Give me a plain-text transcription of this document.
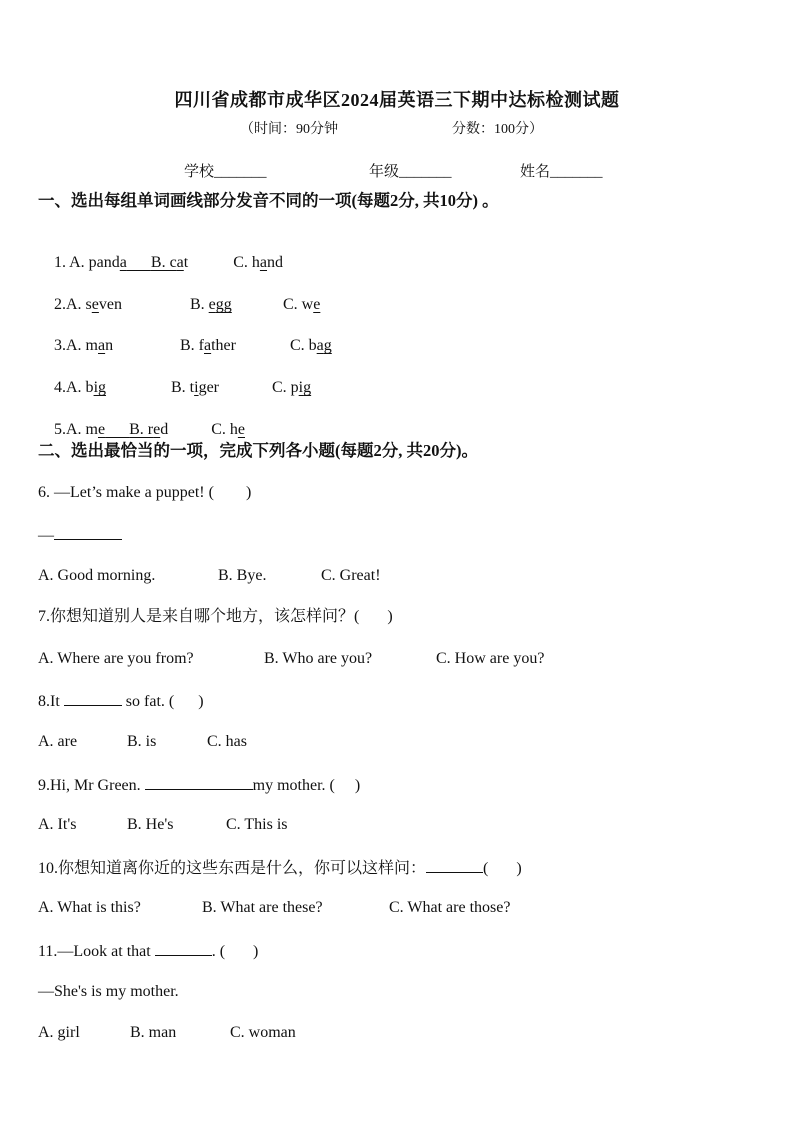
四川省成都市成华区2024届英语三下期中达标检测试题
（时间：90分钟	分数：100分）
学校_______	年级_______	姓名_______
一、选出每组单词画线部分发音不同的一项(每题2分, 共10分) 。

1. A. panda B. cat	C. hand

2.A. seven	B. egg	C. we

3.A. man	B. father	C. bag

4.A. big	B. tiger	C. pig

5.A. me B. red	C. he

二、选出最恰当的一项，完成下列各小题(每题2分, 共20分)。
6. —Let’s make a puppet! (        )
—
A. Good morning.	B. Bye.	C. Great!
7.你想知道别人是来自哪个地方，该怎样问？(       )
A. Where are you from?	B. Who are you?	C. How are you?
8.It	so fat. (      )
A. are	B. is	C. has
9.Hi, Mr Green.	my mother. (     )
A. It's	B. He's	C. This is
10.你想知道离你近的这些东西是什么，你可以这样问：	(       )
A. What is this?	B. What are these?	C. What are those?
11.—Look at that	. (       )
—She's is my mother.
A. girl	B. man	C. woman
